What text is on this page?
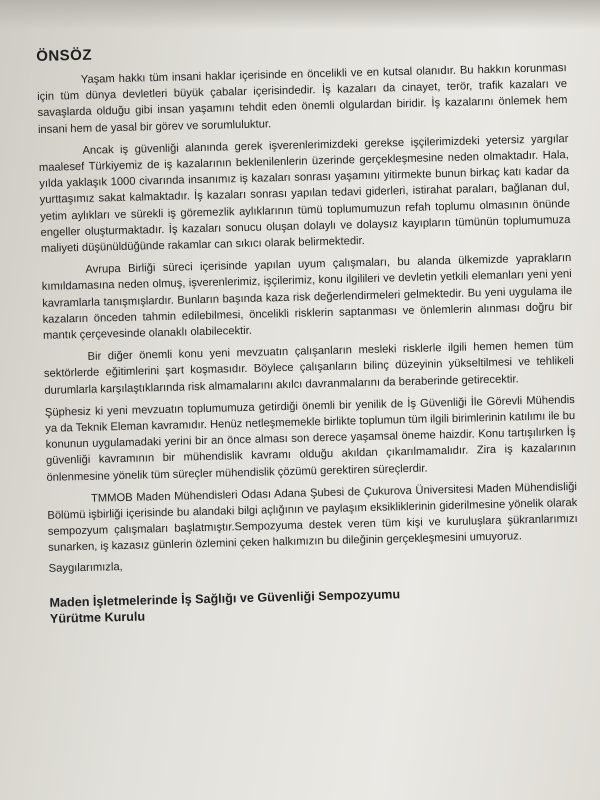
ÖNSÖZ

Yaşam hakkı tüm insani haklar içerisinde en öncelikli ve en kutsal olanıdır. Bu hakkın korunması için tüm dünya devletleri büyük çabalar içerisindedir. İş kazaları da cinayet, terör, trafik kazaları ve savaşlarda olduğu gibi insan yaşamını tehdit eden önemli olgulardan biridir. İş kazalarını önlemek hem insani hem de yasal bir görev ve sorumluluktur.

Ancak iş güvenliği alanında gerek işverenlerimizdeki gerekse işçilerimizdeki yetersiz yargılar maalesef Türkiyemiz de iş kazalarının beklenilenlerin üzerinde gerçekleşmesine neden olmaktadır. Hala, yılda yaklaşık 1000 civarında insanımız iş kazaları sonrası yaşamını yitirmekte bunun birkaç katı kadar da yurttaşımız sakat kalmaktadır. İş kazaları sonrası yapılan tedavi giderleri, istirahat paraları, bağlanan dul, yetim aylıkları ve sürekli iş göremezlik aylıklarının tümü toplumumuzun refah toplumu olmasının önünde engeller oluşturmaktadır. İş kazaları sonucu oluşan dolaylı ve dolaysız kayıpların tümünün toplumumuza maliyeti düşünüldüğünde rakamlar can sıkıcı olarak belirmektedir.

Avrupa Birliği süreci içerisinde yapılan uyum çalışmaları, bu alanda ülkemizde yaprakların kımıldamasına neden olmuş, işverenlerimiz, işçilerimiz, konu ilgilileri ve devletin yetkili elemanları yeni yeni kavramlarla tanışmışlardır. Bunların başında kaza risk değerlendirmeleri gelmektedir. Bu yeni uygulama ile kazaların önceden tahmin edilebilmesi, öncelikli risklerin saptanması ve önlemlerin alınması doğru bir mantık çerçevesinde olanaklı olabilecektir.

Bir diğer önemli konu yeni mevzuatın çalışanların mesleki risklerle ilgili hemen hemen tüm sektörlerde eğitimlerini şart koşmasıdır. Böylece çalışanların bilinç düzeyinin yükseltilmesi ve tehlikeli durumlarla karşılaştıklarında risk almamalarını akılcı davranmalarını da beraberinde getirecektir.

Şüphesiz ki yeni mevzuatın toplumumuza getirdiği önemli bir yenilik de İş Güvenliği İle Görevli Mühendis ya da Teknik Eleman kavramıdır. Henüz netleşmemekle birlikte toplumun tüm ilgili birimlerinin katılımı ile bu konunun uygulamadaki yerini bir an önce alması son derece yaşamsal öneme haizdir. Konu tartışılırken İş güvenliği kavramının bir mühendislik kavramı olduğu akıldan çıkarılmamalıdır. Zira iş kazalarının önlenmesine yönelik tüm süreçler mühendislik çözümü gerektiren süreçlerdir.

TMMOB Maden Mühendisleri Odası Adana Şubesi de Çukurova Üniversitesi Maden Mühendisliği Bölümü işbirliği içerisinde bu alandaki bilgi açlığının ve paylaşım eksikliklerinin giderilmesine yönelik olarak sempozyum çalışmaları başlatmıştır.Sempozyuma destek veren tüm kişi ve kuruluşlara şükranlarımızı sunarken, iş kazasız günlerin özlemini çeken halkımızın bu dileğinin gerçekleşmesini umuyoruz.

Saygılarımızla,
Maden İşletmelerinde İş Sağlığı ve Güvenliği Sempozyumu
Yürütme Kurulu
